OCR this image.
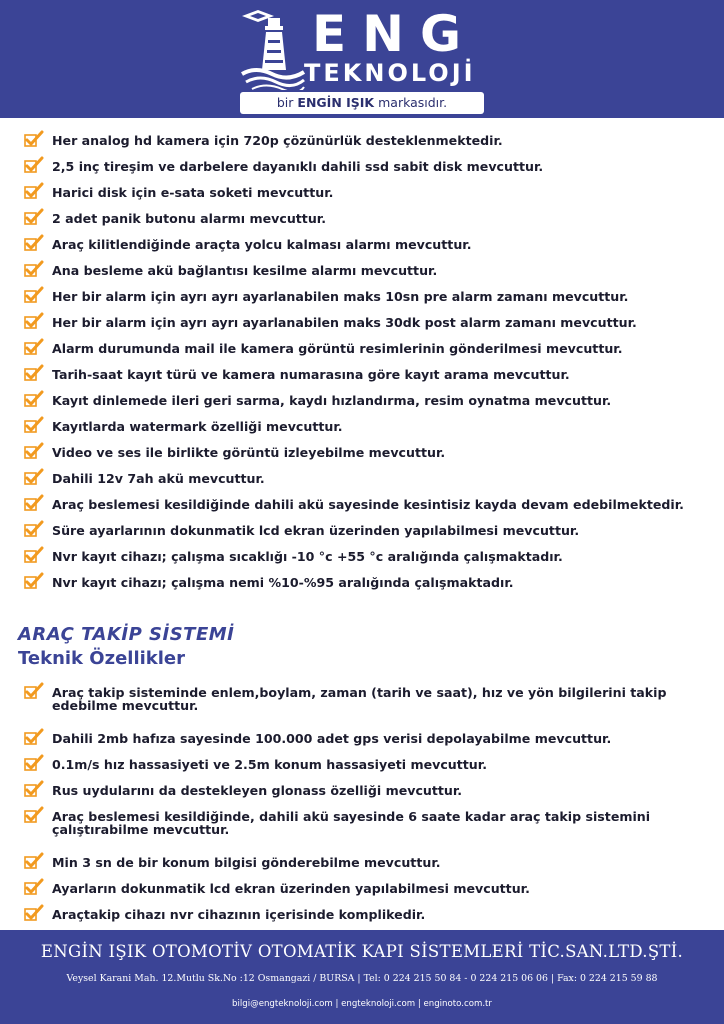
ENG
TEKNOLOJİ
bir ENGİN IŞIK markasıdır.
Her analog hd kamera için 720p çözünürlük desteklenmektedir.
2,5 inç tireşim ve darbelere dayanıklı dahili ssd sabit disk mevcuttur.
Harici disk için e-sata soketi mevcuttur.
2 adet panik butonu alarmı mevcuttur.
Araç kilitlendiğinde araçta yolcu kalması alarmı mevcuttur.
Ana besleme akü bağlantısı kesilme alarmı mevcuttur.
Her bir alarm için ayrı ayrı ayarlanabilen maks 10sn pre alarm zamanı mevcuttur.
Her bir alarm için ayrı ayrı ayarlanabilen maks 30dk post alarm zamanı mevcuttur.
Alarm durumunda mail ile kamera görüntü resimlerinin gönderilmesi mevcuttur.
Tarih-saat kayıt türü ve kamera numarasına göre kayıt arama mevcuttur.
Kayıt dinlemede ileri geri sarma, kaydı hızlandırma, resim oynatma mevcuttur.
Kayıtlarda watermark özelliği mevcuttur.
Video ve ses ile birlikte görüntü izleyebilme mevcuttur.
Dahili 12v 7ah akü mevcuttur.
Araç beslemesi kesildiğinde dahili akü sayesinde kesintisiz kayda devam edebilmektedir.
Süre ayarlarının dokunmatik lcd ekran üzerinden yapılabilmesi mevcuttur.
Nvr kayıt cihazı; çalışma sıcaklığı -10 °c +55 °c aralığında çalışmaktadır.
Nvr kayıt cihazı; çalışma nemi %10-%95 aralığında çalışmaktadır.
ARAÇ TAKİP SİSTEMİ
Teknik Özellikler
Araç takip sisteminde enlem,boylam, zaman (tarih ve saat), hız ve yön bilgilerini takip edebilme mevcuttur.
Dahili 2mb hafıza sayesinde 100.000 adet gps verisi depolayabilme mevcuttur.
0.1m/s hız hassasiyeti ve 2.5m konum hassasiyeti mevcuttur.
Rus uydularını da destekleyen glonass özelliği mevcuttur.
Araç beslemesi kesildiğinde, dahili akü sayesinde 6 saate kadar araç takip sistemini çalıştırabilme mevcuttur.
Min 3 sn de bir konum bilgisi gönderebilme mevcuttur.
Ayarların dokunmatik lcd ekran üzerinden yapılabilmesi mevcuttur.
Araçtakip cihazı nvr cihazının içerisinde komplikedir.
ENGİN IŞIK OTOMOTİV OTOMATİK KAPI SİSTEMLERİ TİC.SAN.LTD.ŞTİ.
Veysel Karani Mah. 12.Mutlu Sk.No :12 Osmangazi / BURSA | Tel: 0 224 215 50 84 - 0 224 215 06 06 | Fax: 0 224 215 59 88
bilgi@engteknoloji.com | engteknoloji.com | enginoto.com.tr
